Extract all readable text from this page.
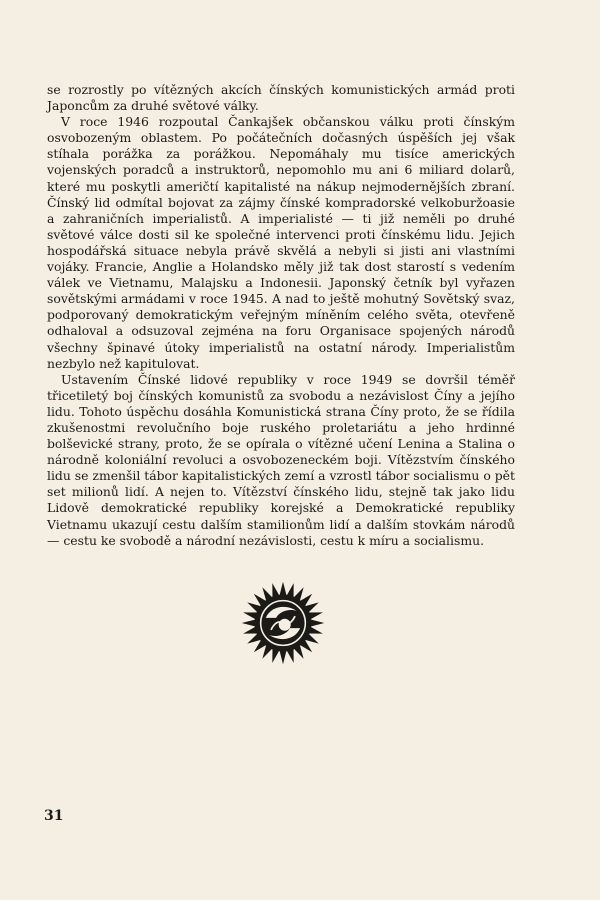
se rozrostly po vítězných akcích čínských komunistických armád proti Japoncům za druhé světové války.

V roce 1946 rozpoutal Čankajšek občanskou válku proti čínským osvobozeným oblastem. Po počátečních dočasných úspěších jej však stíhala porážka za porážkou. Nepomáhaly mu tisíce amerických vojenských poradců a instruktorů, nepomohlo mu ani 6 miliard dolarů, které mu poskytli američtí kapitalisté na nákup nejmodernějších zbraní. Čínský lid odmítal bojovat za zájmy čínské kompradorské velkoburžoasie a zahraničních imperialistů. A imperialisté — ti již neměli po druhé světové válce dosti sil ke společné intervenci proti čínskému lidu. Jejich hospodářská situace nebyla právě skvělá a nebyli si jisti ani vlastními vojáky. Francie, Anglie a Holandsko měly již tak dost starostí s vedením válek ve Vietnamu, Malajsku a Indonesii. Japonský četník byl vyřazen sovětskými armádami v roce 1945. A nad to ještě mohutný Sovětský svaz, podporovaný demokratickým veřejným míněním celého světa, otevřeně odhaloval a odsuzoval zejména na foru Organisace spojených národů všechny špinavé útoky imperialistů na ostatní národy. Imperialistům nezbylo než kapitulovat.

Ustavením Čínské lidové republiky v roce 1949 se dovršil téměř třicetiletý boj čínských komunistů za svobodu a nezávislost Číny a jejího lidu. Tohoto úspěchu dosáhla Komunistická strana Číny proto, že se řídila zkušenostmi revolučního boje ruského proletariátu a jeho hrdinné bolševické strany, proto, že se opírala o vítězné učení Lenina a Stalina o národně koloniální revoluci a osvobozeneckém boji. Vítězstvím čínského lidu se zmenšil tábor kapitalistických zemí a vzrostl tábor socialismu o pět set milionů lidí. A nejen to. Vítězství čínského lidu, stejně tak jako lidu Lidově demokratické republiky korejské a Demokratické republiky Vietnamu ukazují cestu dalším stamilionům lidí a dalším stovkám národů — cestu ke svobodě a národní nezávislosti, cestu k míru a socialismu.

31
